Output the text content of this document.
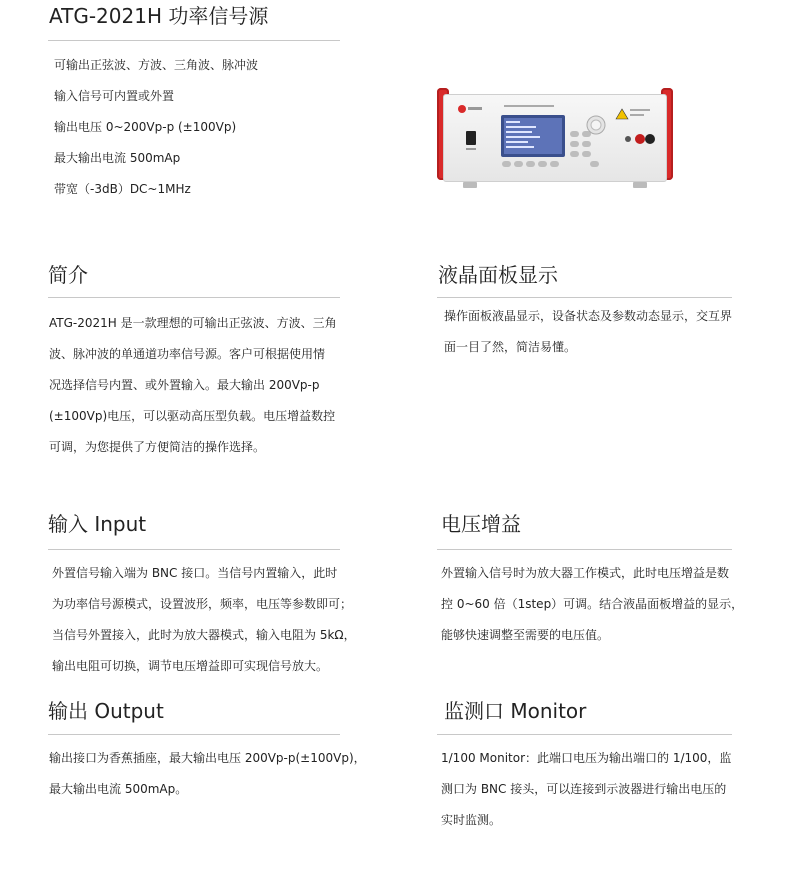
ATG-2021H 功率信号源
可输出正弦波、方波、三角波、脉冲波
输入信号可内置或外置
输出电压 0~200Vp-p (±100Vp)
最大输出电流 500mAp
带宽（-3dB）DC~1MHz
简介
ATG-2021H 是一款理想的可输出正弦波、方波、三角
波、脉冲波的单通道功率信号源。客户可根据使用情
况选择信号内置、或外置输入。最大输出 200Vp-p
(±100Vp)电压，可以驱动高压型负载。电压增益数控
可调，为您提供了方便简洁的操作选择。
液晶面板显示
操作面板液晶显示，设备状态及参数动态显示，交互界
面一目了然，简洁易懂。
输入 Input
外置信号输入端为 BNC 接口。当信号内置输入，此时
为功率信号源模式，设置波形，频率，电压等参数即可；
当信号外置接入，此时为放大器模式，输入电阻为 5kΩ，
输出电阻可切换，调节电压增益即可实现信号放大。
电压增益
外置输入信号时为放大器工作模式，此时电压增益是数
控 0~60 倍（1step）可调。结合液晶面板增益的显示，
能够快速调整至需要的电压值。
输出 Output
输出接口为香蕉插座，最大输出电压 200Vp-p(±100Vp)，
最大输出电流 500mAp。
监测口 Monitor
1/100 Monitor：此端口电压为输出端口的 1/100，监
测口为 BNC 接头，可以连接到示波器进行输出电压的
实时监测。
